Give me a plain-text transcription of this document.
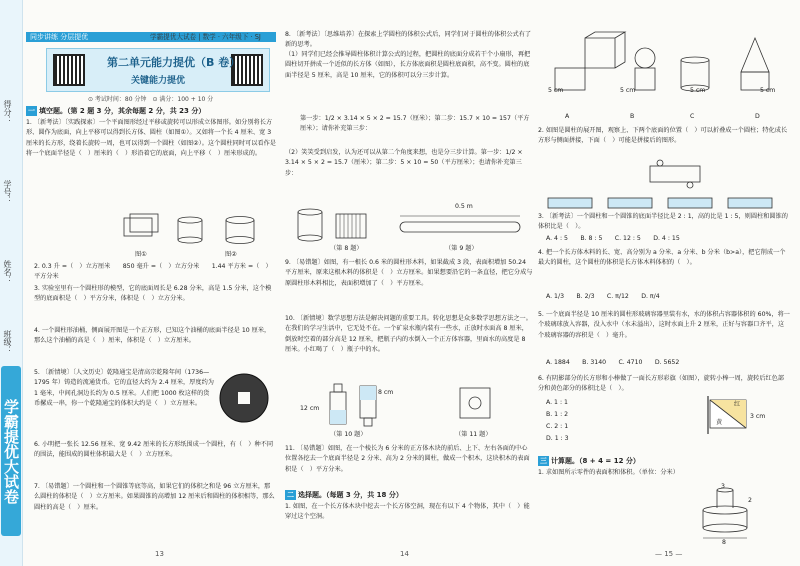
得分：
学号：
姓名：
班级：
学霸提优大试卷
同步讲练 分层提优	学霸提优大试卷 | 数学 · 六年级下 · SJ
第二单元能力提优（B 卷）
关键能力提优
⊙ 考试时间：80 分钟　⊙ 满分：100 + 10 分
一 填空题。（第 2 题 3 分，其余每题 2 分，共 23 分）
1. 〔新考法〕〔实践探索〕一个平面图形经过平移或旋转可以形成立体图形。如分别将长方形、圆作为底面，向上平移可以得到长方体、圆柱（如图①）。又如将一个长 4 厘米、宽 3 厘米的长方形，绕着长旋转一周，也可以得到一个圆柱（如图②）。这个圆柱同时可以看作是将一个底面半径是（　）厘米的（　）形沿着它的底面，向上平移（　）厘米形成的。
图①	图②
2. 0.3 升 =（　）立方厘米　　850 毫升 =（　）立方分米　　1.44 平方米 =（　）平方分米
3. 实验室里有一个圆柱形的模型，它的底面周长是 6.28 分米，高是 1.5 分米，这个模型的底面积是（　）平方分米，体积是（　）立方分米。
4. 一个圆柱形油桶，侧面展开图是一个正方形，已知这个油桶的底面半径是 10 厘米，那么这个油桶的高是（　）厘米，体积是（　）立方厘米。
5. 〔新情境〕〔人文历史〕乾隆通宝是清高宗乾隆年间（1736—1795 年）铸造的流通货币。它的直径大约为 2.4 厘米，厚度约为 1 毫米，中间孔洞边长约为 0.5 厘米。人们把 1000 枚这样的货币摞成一串，你一个乾隆通宝的体积大约是（　）立方厘米。
6. 小明把一张长 12.56 厘米、宽 9.42 厘米的长方形纸围成一个圆柱，有（　）种不同的围法，能围成的圆柱体积最大是（　）立方厘米。
7. 〔易错题〕一个圆柱和一个圆锥等底等高，如果它们的体积之和是 96 立方厘米，那么圆柱的体积是（　）立方厘米。如果圆锥的高增加 12 厘米后和圆柱的体积相等，那么圆柱的高是（　）厘米。
13
8. 〔新考法〕〔思维培养〕在探索上学圆柱的体积公式后，同学们对于圆柱的体积公式有了新的思考。
（1）同学们已经会推导圆柱体积计算公式的过程，把圆柱的底面分成若干个小扇形，再把圆柱切开拼成一个近似的长方体（如图），长方体底面积是圆柱底面积，高不变。圆柱的底面半径是 5 厘米，高是 10 厘米，它的体积可以分三步计算。
第一步：1/2 × 3.14 × 5 × 2 = 15.7（厘米）；第二步：15.7 × 10 = 157（平方厘米）；请你补充第三步：
（2）笑笑受到启发，认为还可以从第二个角度来想，也是分三步计算。第一步：1/2 × 3.14 × 5 × 2 = 15.7（厘米）；第二步：5 × 10 = 50（平方厘米）；也请你补充第三步：
（第 8 题）	（第 9 题）
0.5 m
9. 〔易错题〕如图，有一根长 0.6 米的圆柱形木料，如果截成 3 段，表面积增加 50.24 平方厘米，原来这根木料的体积是（　）立方厘米。如果想要沿它的一条直径，把它分成与原圆柱形木料相比，表面积增加了（　）平方厘米。
10. 〔新情境〕数学思想方法是解决问题的重要工具。转化思想是众多数学思想方法之一。在我们的学习生活中，它无处不在。一个矿泉水瓶内装有一些水，正放时水面高 8 厘米，倒放时空着的部分高是 12 厘米，把瓶子内的水倒入一个正方体容器，里面水的高度是 8 厘米。小红喝了（　）瓶子中的水。
12 cm
8 cm
（第 10 题）	（第 11 题）
11. 〔易错题〕如图，在一个棱长为 6 分米的正方体木块的前后、上下、左右各面的中心位置各挖去一个底面半径是 2 分米、高为 2 分米的圆柱，做成一个积木，这块积木的表面积是（　）平方分米。
二 选择题。（每题 3 分，共 18 分）
1. 如图，在一个长方体木块中挖去一个长方体空洞，现在有以下 4 个物体，其中（　）能穿过这个空洞。
14
5 cm	5 cm	5 cm	5 cm
A	B	C	D
2. 如图是圆柱的展开图，观察上、下两个底面的位置（　）可以折叠成一个圆柱；特化成长方形与侧面拼接，下面（　）可能是拼接后的图形。
3. 〔新考法〕一个圆柱和一个圆锥的底面半径比是 2 : 1，高的比是 1 : 5，则圆柱和圆锥的体积比是（　）。
A. 4 : 5　　B. 8 : 5　　C. 12 : 5　　D. 4 : 15
4. 把一个长方体木料的长、宽、高分别为 a 分米、a 分米、b 分米（b>a），把它削成一个最大的圆柱，这个圆柱的体积是长方体木料体积的（　）。
A. 1/3　　B. 2/3　　C. π/12　　D. π/4
5. 一个底面半径是 10 厘米的圆柱形玻璃容器里装有水，水的体积占容器体积的 60%，将一个玻璃球放入容器，没入水中（水未溢出），这时水面上升 2 厘米，正好与容器口齐平，这个玻璃容器的容积是（　）毫升。
A. 1884　　B. 3140　　C. 4710　　D. 5652
6. 有阴影部分的长方形和小棒做了一面长方形彩旗（如图），旋转小棒一周，旋转后红色部分和黄色部分的体积比是（　）。
A. 1 : 1
B. 1 : 2
C. 2 : 1
D. 1 : 3
红
黄
3 cm
三 计算题。（8 + 4 = 12 分）
1. 求如图所示零件的表面积和体积。（单位：分米）
3
2
8
— 15 —
